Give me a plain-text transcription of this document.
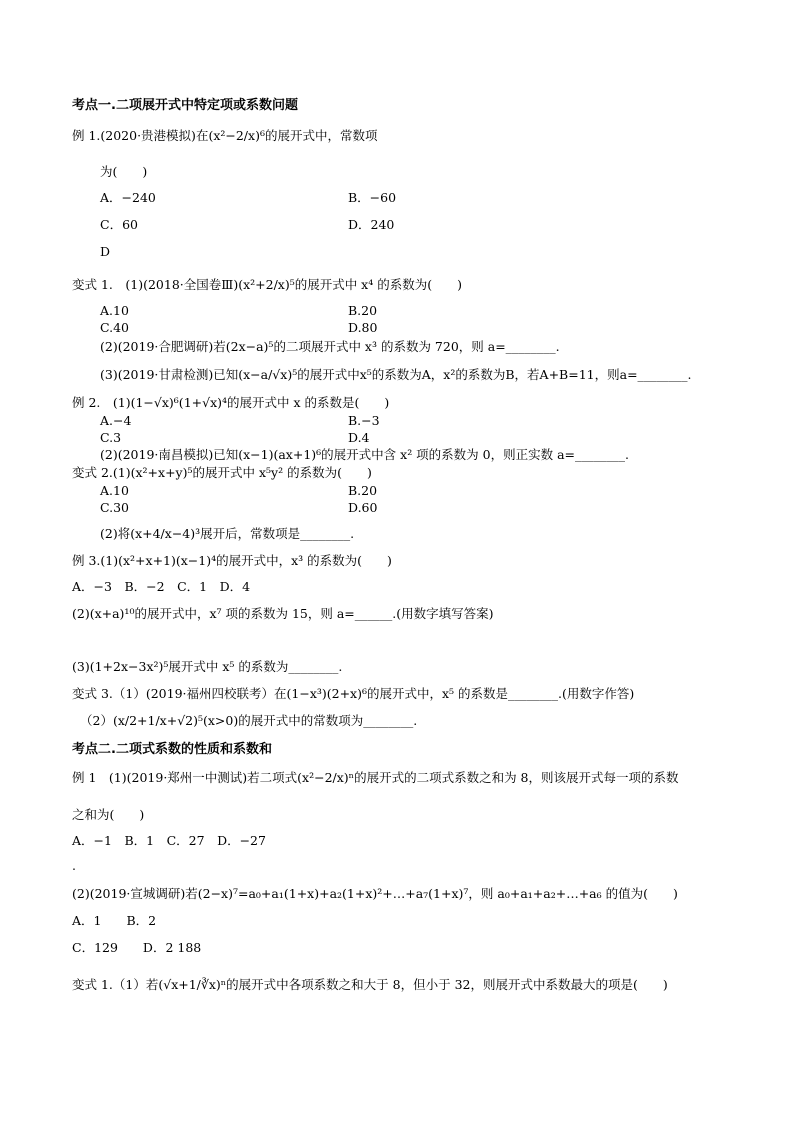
考点一.二项展开式中特定项或系数问题
例 1.(2020·贵港模拟)在(x²−2/x)⁶的展开式中，常数项
为(　　)
A．−240	B．−60
C．60	D．240
D
变式 1.　(1)(2018·全国卷Ⅲ)(x²+2/x)⁵的展开式中 x⁴ 的系数为(　　)
A.10	B.20
C.40	D.80
(2)(2019·合肥调研)若(2x−a)⁵的二项展开式中 x³ 的系数为 720，则 a=________.
(3)(2019·甘肃检测)已知(x−a/√x)⁵的展开式中x⁵的系数为A，x²的系数为B，若A+B=11，则a=________.
例 2.　(1)(1−√x)⁶(1+√x)⁴的展开式中 x 的系数是(　　)
A.−4	B.−3
C.3	D.4
(2)(2019·南昌模拟)已知(x−1)(ax+1)⁶的展开式中含 x² 项的系数为 0，则正实数 a=________.
变式 2.(1)(x²+x+y)⁵的展开式中 x⁵y² 的系数为(　　)
A.10	B.20
C.30	D.60
(2)将(x+4/x−4)³展开后，常数项是________.
例 3.(1)(x²+x+1)(x−1)⁴的展开式中，x³ 的系数为(　　)
A．−3　B．−2　C．1　D．4
(2)(x+a)¹⁰的展开式中，x⁷ 项的系数为 15，则 a=______.(用数字填写答案)
(3)(1+2x−3x²)⁵展开式中 x⁵ 的系数为________.
变式 3.（1）(2019·福州四校联考）在(1−x³)(2+x)⁶的展开式中，x⁵ 的系数是________.(用数字作答)
（2）(x/2+1/x+√2)⁵(x>0)的展开式中的常数项为________.
考点二.二项式系数的性质和系数和
例 1　(1)(2019·郑州一中测试)若二项式(x²−2/x)ⁿ的展开式的二项式系数之和为 8，则该展开式每一项的系数
之和为(　　)
A．−1　B．1　C．27　D．−27
.
(2)(2019·宣城调研)若(2−x)⁷=a₀+a₁(1+x)+a₂(1+x)²+…+a₇(1+x)⁷，则 a₀+a₁+a₂+…+a₆ 的值为(　　)
A．1　　B．2
C．129　　D．2 188
变式 1.（1）若(√x+1/∛x)ⁿ的展开式中各项系数之和大于 8，但小于 32，则展开式中系数最大的项是(　　)
